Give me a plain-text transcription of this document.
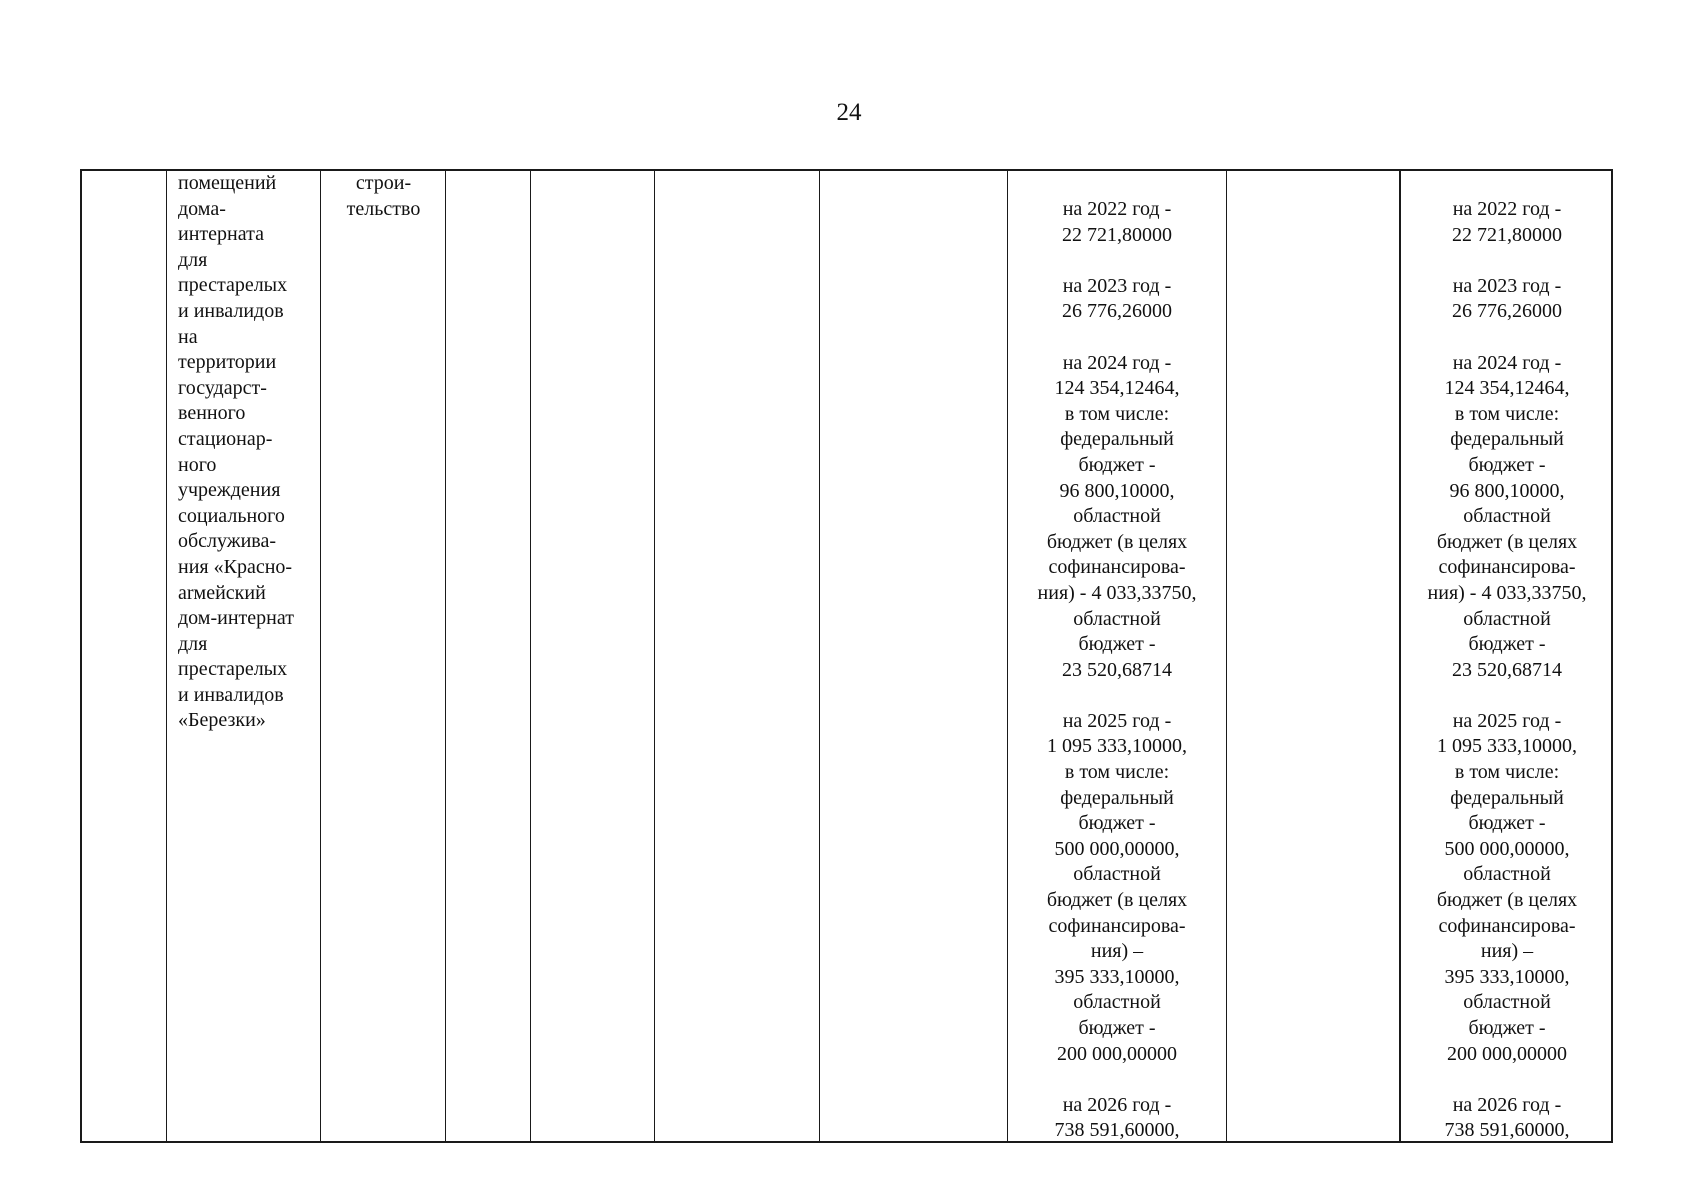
24
помещений
дома-
интерната
для
престарелых
и инвалидов
на
территории
государст-
венного
стационар-
ного
учреждения
социального
обслужива-
ния «Красно-
arмейский
дом-интернат
для
престарелых
и инвалидов
«Березки»
строи-
тельство	на 2022 год -
22 721,80000

на 2023 год -
26 776,26000

на 2024 год -
124 354,12464,
в том числе:
федеральный
бюджет -
96 800,10000,
областной
бюджет (в целях
софинансирова-
ния) - 4 033,33750,
областной
бюджет -
23 520,68714

на 2025 год -
1 095 333,10000,
в том числе:
федеральный
бюджет -
500 000,00000,
областной
бюджет (в целях
софинансирова-
ния) –
395 333,10000,
областной
бюджет -
200 000,00000

на 2026 год -
738 591,60000,
на 2022 год -
22 721,80000

на 2023 год -
26 776,26000

на 2024 год -
124 354,12464,
в том числе:
федеральный
бюджет -
96 800,10000,
областной
бюджет (в целях
софинансирова-
ния) - 4 033,33750,
областной
бюджет -
23 520,68714

на 2025 год -
1 095 333,10000,
в том числе:
федеральный
бюджет -
500 000,00000,
областной
бюджет (в целях
софинансирова-
ния) –
395 333,10000,
областной
бюджет -
200 000,00000

на 2026 год -
738 591,60000,
